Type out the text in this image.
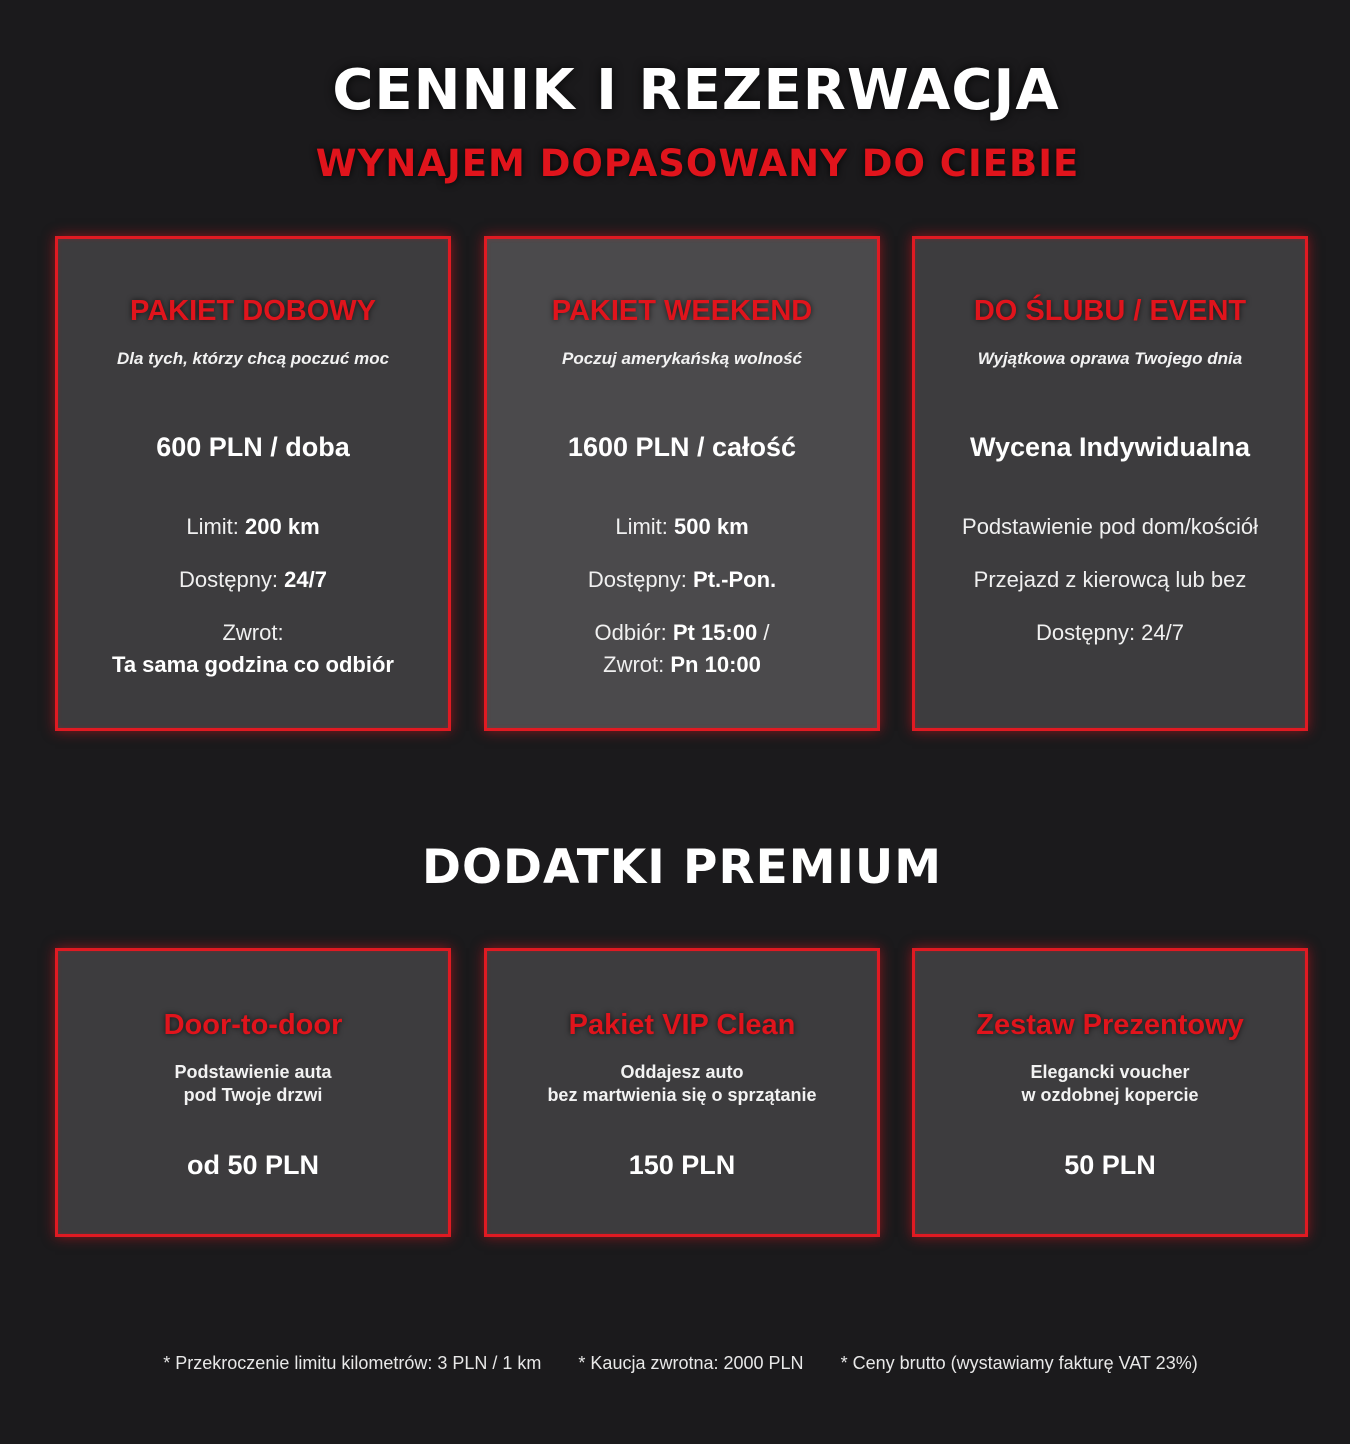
CENNIK I REZERWACJA
WYNAJEM DOPASOWANY DO CIEBIE
PAKIET DOBOWY
Dla tych, którzy chcą poczuć moc
600 PLN / doba
Limit: 200 km
Dostępny: 24/7
Zwrot:
Ta sama godzina co odbiór
PAKIET WEEKEND
Poczuj amerykańską wolność
1600 PLN / całość
Limit: 500 km
Dostępny: Pt.-Pon.
Odbiór: Pt 15:00 /
Zwrot: Pn 10:00
DO ŚLUBU / EVENT
Wyjątkowa oprawa Twojego dnia
Wycena Indywidualna
Podstawienie pod dom/kościół
Przejazd z kierowcą lub bez
Dostępny: 24/7
DODATKI PREMIUM
Door-to-door
Podstawienie auta
pod Twoje drzwi
od 50 PLN
Pakiet VIP Clean
Oddajesz auto
bez martwienia się o sprzątanie
150 PLN
Zestaw Prezentowy
Elegancki voucher
w ozdobnej kopercie
50 PLN
* Przekroczenie limitu kilometrów: 3 PLN / 1 km * Kaucja zwrotna: 2000 PLN * Ceny brutto (wystawiamy fakturę VAT 23%)
